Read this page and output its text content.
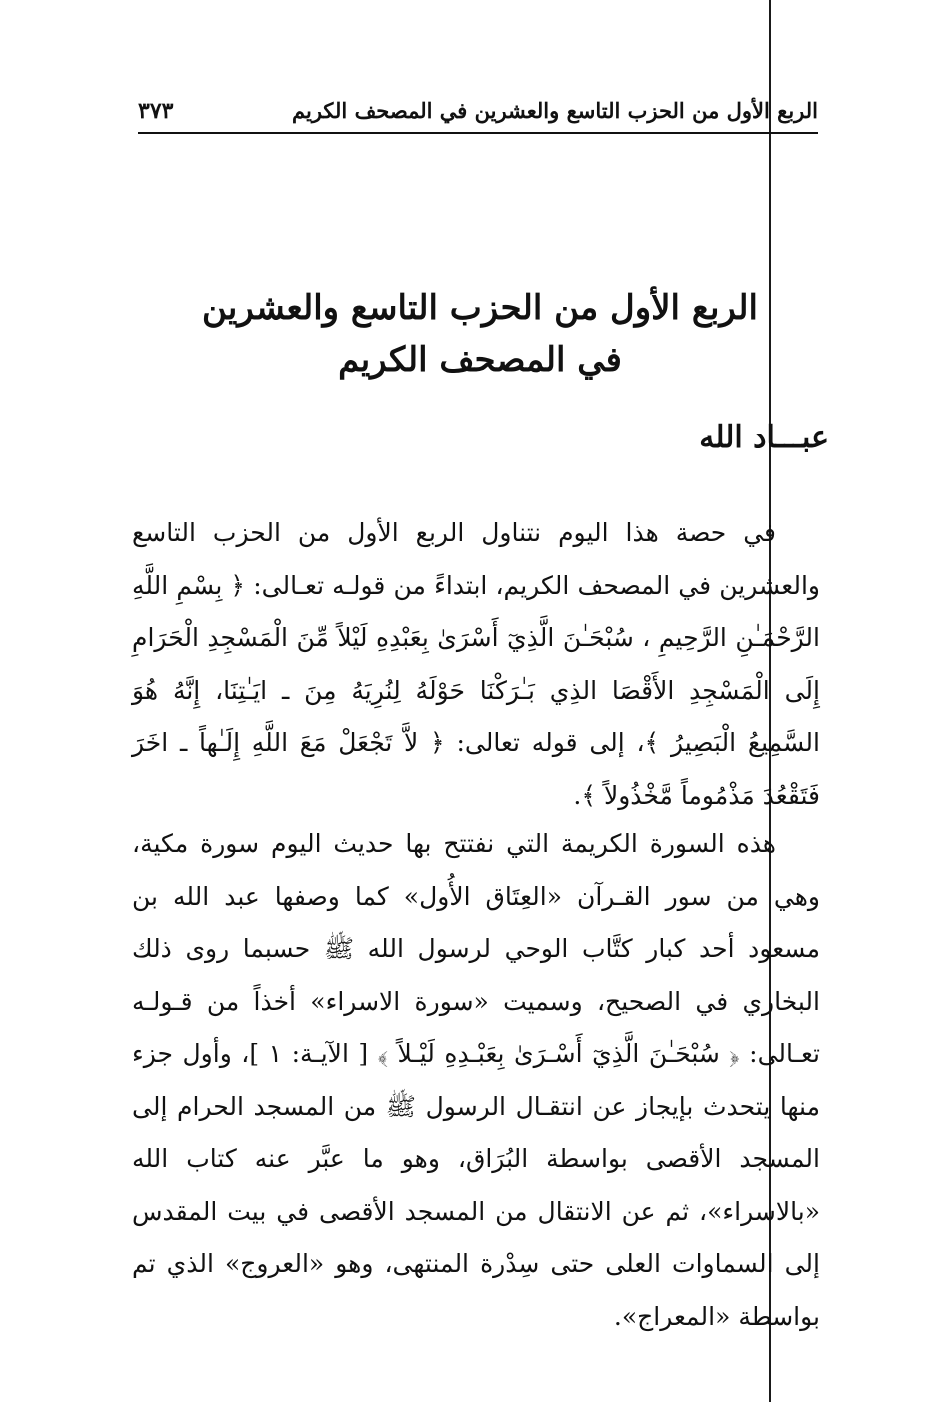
الربع الأول من الحزب التاسع والعشرين في المصحف الكريم
٣٧٣
الربع الأول من الحزب التاسع والعشرين
في المصحف الكريم
عبـــاد الله

في حصة هذا اليوم نتناول الربع الأول من الحزب التاسع والعشرين في المصحف الكريم، ابتداءً من قولـه تعـالى: ﴿ بِسْمِ اللَّهِ الرَّحْمَـٰنِ الرَّحِيمِ ، سُبْحَـٰنَ الَّذِيٓ أَسْرَىٰ بِعَبْدِهِ لَيْلاً مِّنَ الْمَسْجِدِ الْحَرَامِ إِلَى الْمَسْجِدِ الأَقْصَا الذِي بَـٰرَكْنَا حَوْلَهُ لِنُرِيَهُ مِنَ ـ ايَـٰتِنَا، إِنَّهُ هُوَ السَّمِيعُ الْبَصِيرُ ﴾، إلى قوله تعالى: ﴿ لاَّ تَجْعَلْ مَعَ اللَّهِ إِلَـٰهاً ـ اخَرَ فَتَقْعُدَ مَذْمُوماً مَّخْذُولاً ﴾.

هذه السورة الكريمة التي نفتتح بها حديث اليوم سورة مكية، وهي من سور القـرآن «العِتَاق الأُول» كما وصفها عبد الله بن مسعود أحد كبار كتَّاب الوحي لرسول الله ﷺ حسبما روى ذلك البخاري في الصحيح، وسميت «سورة الاسراء» أخذاً من قـولـه تعـالى: ﴿ سُبْحَـٰنَ الَّذِيٓ أَسْـرَىٰ بِعَبْـدِهِ لَيْـلاً ﴾ [ الآيـة: ١ ]، وأول جزء منها يتحدث بإيجاز عن انتقـال الرسول ﷺ من المسجد الحرام إلى المسجد الأقصى بواسطة البُرَاق، وهو ما عبَّر عنه كتاب الله «بالاسراء»، ثم عن الانتقال من المسجد الأقصى في بيت المقدس إلى السماوات العلى حتى سِدْرة المنتهى، وهو «العروج» الذي تم بواسطة «المعراج».
